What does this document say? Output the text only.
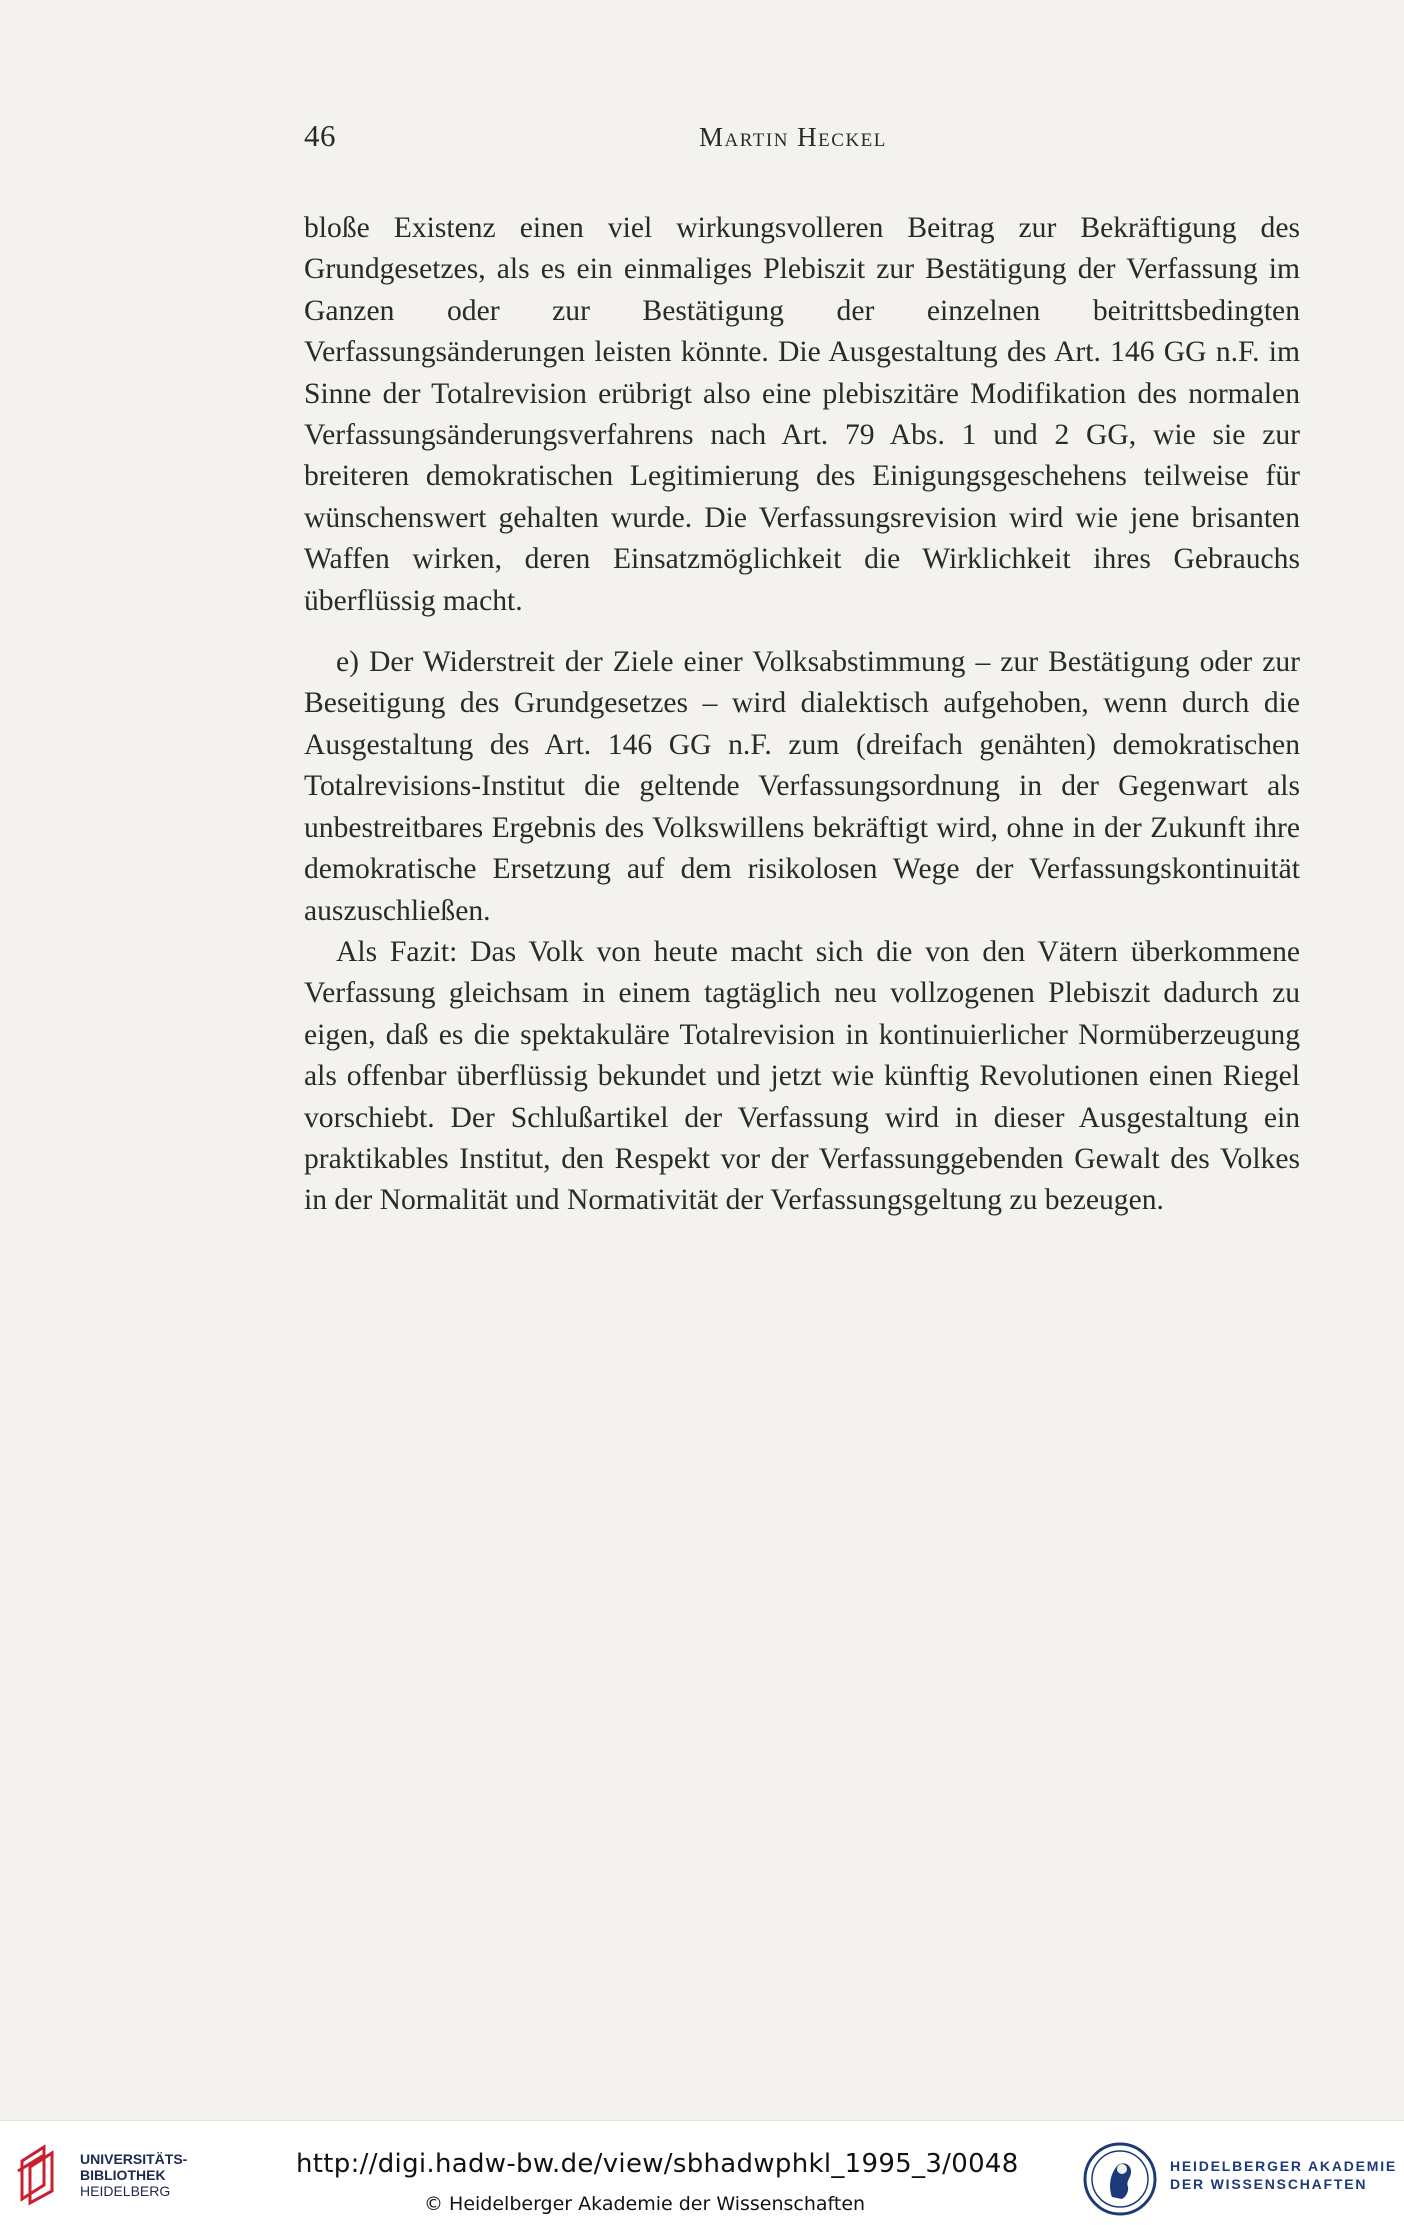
46	Martin Heckel

bloße Existenz einen viel wirkungsvolleren Beitrag zur Bekräftigung des Grundgesetzes, als es ein einmaliges Plebiszit zur Bestätigung der Verfassung im Ganzen oder zur Bestätigung der einzelnen beitrittsbedingten Verfassungsänderungen leisten könnte. Die Ausgestaltung des Art. 146 GG n.F. im Sinne der Totalrevision erübrigt also eine plebiszitäre Modifikation des normalen Verfassungsänderungsverfahrens nach Art. 79 Abs. 1 und 2 GG, wie sie zur breiteren demokratischen Legitimierung des Einigungsgeschehens teilweise für wünschenswert gehalten wurde. Die Verfassungsrevision wird wie jene brisanten Waffen wirken, deren Einsatzmöglichkeit die Wirklichkeit ihres Gebrauchs überflüssig macht.

e) Der Widerstreit der Ziele einer Volksabstimmung – zur Bestätigung oder zur Beseitigung des Grundgesetzes – wird dialektisch aufgehoben, wenn durch die Ausgestaltung des Art. 146 GG n.F. zum (dreifach genähten) demokratischen Totalrevisions-Institut die geltende Verfassungsordnung in der Gegenwart als unbestreitbares Ergebnis des Volkswillens bekräftigt wird, ohne in der Zukunft ihre demokratische Ersetzung auf dem risikolosen Wege der Verfassungskontinuität auszuschließen.

Als Fazit: Das Volk von heute macht sich die von den Vätern überkommene Verfassung gleichsam in einem tagtäglich neu vollzogenen Plebiszit dadurch zu eigen, daß es die spektakuläre Totalrevision in kontinuierlicher Normüberzeugung als offenbar überflüssig bekundet und jetzt wie künftig Revolutionen einen Riegel vorschiebt. Der Schlußartikel der Verfassung wird in dieser Ausgestaltung ein praktikables Institut, den Respekt vor der Verfassunggebenden Gewalt des Volkes in der Normalität und Normativität der Verfassungsgeltung zu bezeugen.

UNIVERSITÄTS-
BIBLIOTHEK
HEIDELBERG
http://digi.hadw-bw.de/view/sbhadwphkl_1995_3/0048
© Heidelberger Akademie der Wissenschaften
HEIDELBERGER AKADEMIE
DER WISSENSCHAFTEN
